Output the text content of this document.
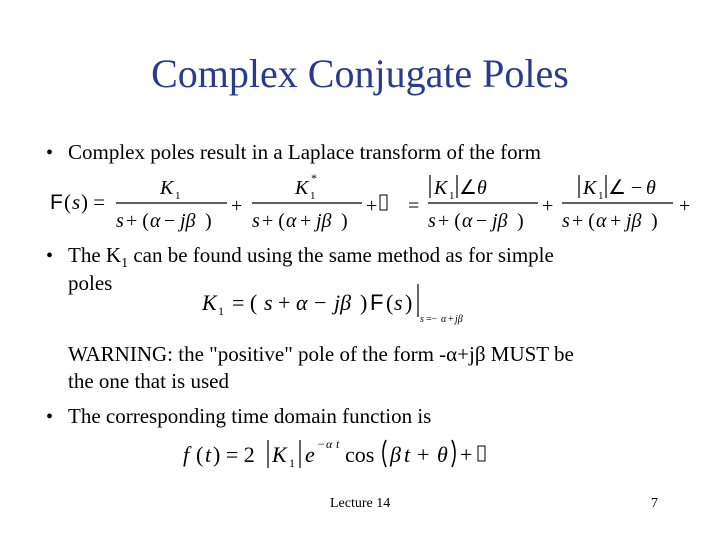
Complex Conjugate Poles
• Complex poles result in a Laplace transform of the form
• The $K_1$ can be found using the same method as for simple
poles
WARNING: the "positive" pole of the form -α+jβ MUST be
the one that is used
• The corresponding time domain function is
F ( s ) =
K 1
s + ( α − jβ )
+
K 1
*
s + ( α + jβ )
+ =
K 1 ∠ θ
s + ( α − jβ )
+
K 1 ∠ − θ
s + ( α + jβ )
+
K 1 = ( s + α − jβ ) F ( s )
s =− α + jβ
f ( t ) = 2 K 1 e − α t cos β t + θ +
Lecture 14	7
